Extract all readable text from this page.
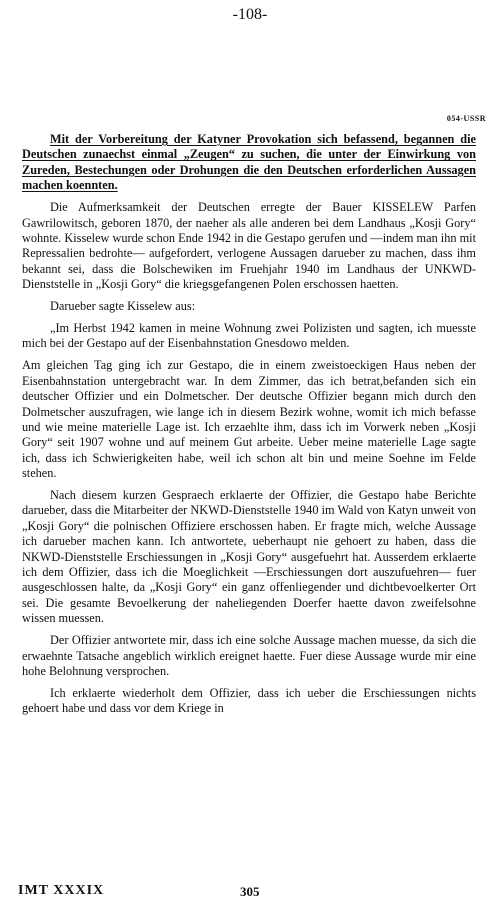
-108-
054-USSR

Mit der Vorbereitung der Katyner Provokation sich befassend, begannen die Deutschen zunaechst einmal „Zeugen“ zu suchen, die unter der Einwirkung von Zureden, Bestechungen oder Drohungen die den Deutschen erforderlichen Aussagen machen koennten.

Die Aufmerksamkeit der Deutschen erregte der Bauer KISSELEW Parfen Gawrilowitsch, geboren 1870, der naeher als alle anderen bei dem Landhaus „Kosji Gory“ wohnte. Kisselew wurde schon Ende 1942 in die Gestapo gerufen und —indem man ihn mit Repressalien bedrohte— aufgefordert, verlogene Aussagen darueber zu machen, dass ihm bekannt sei, dass die Bolschewiken im Fruehjahr 1940 im Landhaus der UNKWD-Dienststelle in „Kosji Gory“ die kriegsgefangenen Polen erschossen haetten.

Darueber sagte Kisselew aus:

„Im Herbst 1942 kamen in meine Wohnung zwei Polizisten und sagten, ich muesste mich bei der Gestapo auf der Eisenbahnstation Gnesdowo melden.

Am gleichen Tag ging ich zur Gestapo, die in einem zweistoeckigen Haus neben der Eisenbahnstation untergebracht war. In dem Zimmer, das ich betrat,befanden sich ein deutscher Offizier und ein Dolmetscher. Der deutsche Offizier begann mich durch den Dolmetscher auszufragen, wie lange ich in diesem Bezirk wohne, womit ich mich befasse und wie meine materielle Lage ist. Ich erzaehlte ihm, dass ich im Vorwerk neben „Kosji Gory“ seit 1907 wohne und auf meinem Gut arbeite. Ueber meine materielle Lage sagte ich, dass ich Schwierigkeiten habe, weil ich schon alt bin und meine Soehne im Felde stehen.

Nach diesem kurzen Gespraech erklaerte der Offizier, die Gestapo habe Berichte darueber, dass die Mitarbeiter der NKWD-Dienststelle 1940 im Wald von Katyn unweit von „Kosji Gory“ die polnischen Offiziere erschossen haben. Er fragte mich, welche Aussage ich darueber machen kann. Ich antwortete, ueberhaupt nie gehoert zu haben, dass die NKWD-Dienststelle Erschiessungen in „Kosji Gory“ ausgefuehrt hat. Ausserdem erklaerte ich dem Offizier, dass ich die Moeglichkeit —Erschiessungen dort auszufuehren— fuer ausgeschlossen halte, da „Kosji Gory“ ein ganz offenliegender und dichtbevoelkerter Ort sei. Die gesamte Bevoelkerung der naheliegenden Doerfer haette davon zweifelsohne wissen muessen.

Der Offizier antwortete mir, dass ich eine solche Aussage machen muesse, da sich die erwaehnte Tatsache angeblich wirklich ereignet haette. Fuer diese Aussage wurde mir eine hohe Belohnung versprochen.

Ich erklaerte wiederholt dem Offizier, dass ich ueber die Erschiessungen nichts gehoert habe und dass vor dem Kriege in

IMT XXXIX	305
